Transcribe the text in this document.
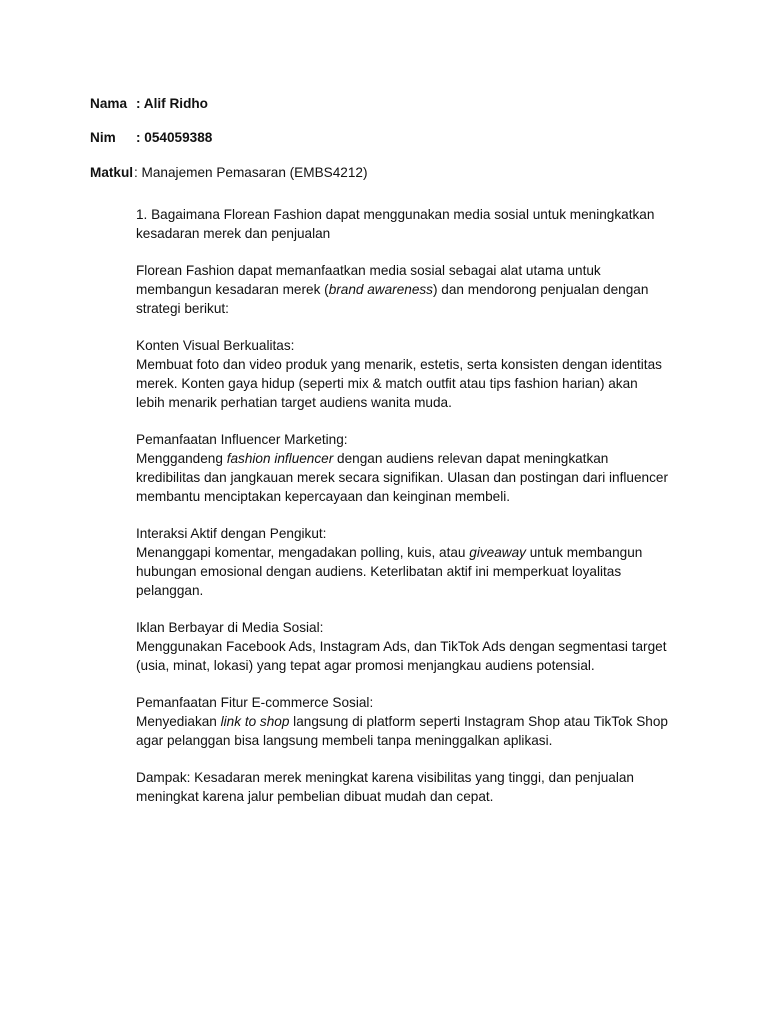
Nama : Alif Ridho
Nim : 054059388
Matkul: Manajemen Pemasaran (EMBS4212)

1. Bagaimana Florean Fashion dapat menggunakan media sosial untuk meningkatkan

kesadaran merek dan penjualan

Florean Fashion dapat memanfaatkan media sosial sebagai alat utama untuk

membangun kesadaran merek (brand awareness) dan mendorong penjualan dengan

strategi berikut:

Konten Visual Berkualitas:

Membuat foto dan video produk yang menarik, estetis, serta konsisten dengan identitas

merek. Konten gaya hidup (seperti mix & match outfit atau tips fashion harian) akan

lebih menarik perhatian target audiens wanita muda.

Pemanfaatan Influencer Marketing:

Menggandeng fashion influencer dengan audiens relevan dapat meningkatkan

kredibilitas dan jangkauan merek secara signifikan. Ulasan dan postingan dari influencer

membantu menciptakan kepercayaan dan keinginan membeli.

Interaksi Aktif dengan Pengikut:

Menanggapi komentar, mengadakan polling, kuis, atau giveaway untuk membangun

hubungan emosional dengan audiens. Keterlibatan aktif ini memperkuat loyalitas

pelanggan.

Iklan Berbayar di Media Sosial:

Menggunakan Facebook Ads, Instagram Ads, dan TikTok Ads dengan segmentasi target

(usia, minat, lokasi) yang tepat agar promosi menjangkau audiens potensial.

Pemanfaatan Fitur E-commerce Sosial:

Menyediakan link to shop langsung di platform seperti Instagram Shop atau TikTok Shop

agar pelanggan bisa langsung membeli tanpa meninggalkan aplikasi.

Dampak: Kesadaran merek meningkat karena visibilitas yang tinggi, dan penjualan

meningkat karena jalur pembelian dibuat mudah dan cepat.
